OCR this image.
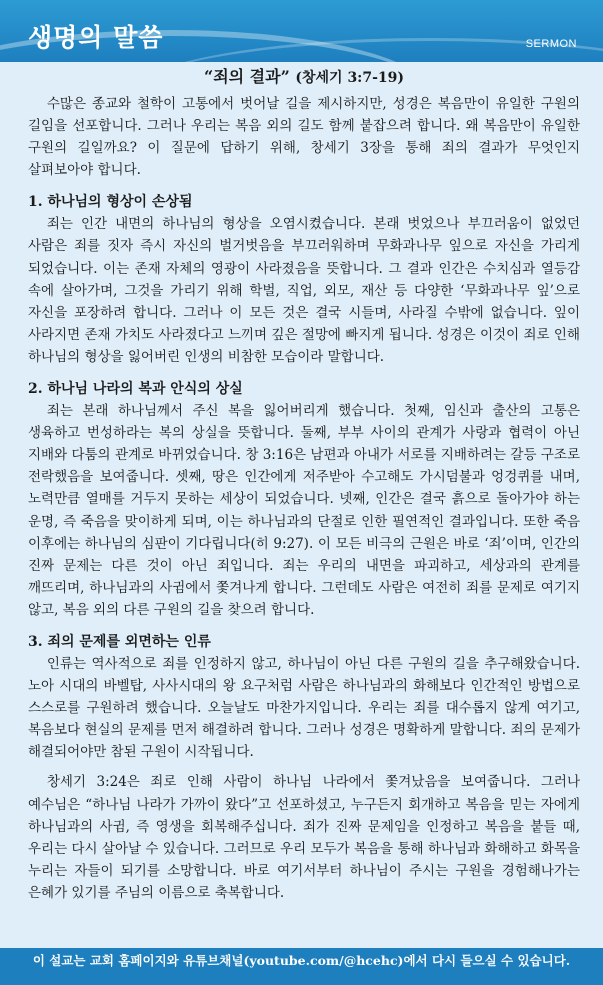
생명의 말씀	SERMON
“죄의 결과” (창세기 3:7-19)

수많은 종교와 철학이 고통에서 벗어날 길을 제시하지만, 성경은 복음만이 유일한 구원의 길임을 선포합니다. 그러나 우리는 복음 외의 길도 함께 붙잡으려 합니다. 왜 복음만이 유일한 구원의 길일까요? 이 질문에 답하기 위해, 창세기 3장을 통해 죄의 결과가 무엇인지 살펴보아야 합니다.

1. 하나님의 형상이 손상됨

죄는 인간 내면의 하나님의 형상을 오염시켰습니다. 본래 벗었으나 부끄러움이 없었던 사람은 죄를 짓자 즉시 자신의 벌거벗음을 부끄러워하며 무화과나무 잎으로 자신을 가리게 되었습니다. 이는 존재 자체의 영광이 사라졌음을 뜻합니다. 그 결과 인간은 수치심과 열등감 속에 살아가며, 그것을 가리기 위해 학벌, 직업, 외모, 재산 등 다양한 ‘무화과나무 잎’으로 자신을 포장하려 합니다. 그러나 이 모든 것은 결국 시들며, 사라질 수밖에 없습니다. 잎이 사라지면 존재 가치도 사라졌다고 느끼며 깊은 절망에 빠지게 됩니다. 성경은 이것이 죄로 인해 하나님의 형상을 잃어버린 인생의 비참한 모습이라 말합니다.

2. 하나님 나라의 복과 안식의 상실

죄는 본래 하나님께서 주신 복을 잃어버리게 했습니다. 첫째, 임신과 출산의 고통은 생육하고 번성하라는 복의 상실을 뜻합니다. 둘째, 부부 사이의 관계가 사랑과 협력이 아닌 지배와 다툼의 관계로 바뀌었습니다. 창 3:16은 남편과 아내가 서로를 지배하려는 갈등 구조로 전락했음을 보여줍니다. 셋째, 땅은 인간에게 저주받아 수고해도 가시덤불과 엉겅퀴를 내며, 노력만큼 열매를 거두지 못하는 세상이 되었습니다. 넷째, 인간은 결국 흙으로 돌아가야 하는 운명, 즉 죽음을 맞이하게 되며, 이는 하나님과의 단절로 인한 필연적인 결과입니다. 또한 죽음 이후에는 하나님의 심판이 기다립니다(히 9:27). 이 모든 비극의 근원은 바로 ‘죄’이며, 인간의 진짜 문제는 다른 것이 아닌 죄입니다. 죄는 우리의 내면을 파괴하고, 세상과의 관계를 깨뜨리며, 하나님과의 사귐에서 쫓겨나게 합니다. 그런데도 사람은 여전히 죄를 문제로 여기지 않고, 복음 외의 다른 구원의 길을 찾으려 합니다.

3. 죄의 문제를 외면하는 인류

인류는 역사적으로 죄를 인정하지 않고, 하나님이 아닌 다른 구원의 길을 추구해왔습니다. 노아 시대의 바벨탑, 사사시대의 왕 요구처럼 사람은 하나님과의 화해보다 인간적인 방법으로 스스로를 구원하려 했습니다. 오늘날도 마찬가지입니다. 우리는 죄를 대수롭지 않게 여기고, 복음보다 현실의 문제를 먼저 해결하려 합니다. 그러나 성경은 명확하게 말합니다. 죄의 문제가 해결되어야만 참된 구원이 시작됩니다.

창세기 3:24은 죄로 인해 사람이 하나님 나라에서 쫓겨났음을 보여줍니다. 그러나 예수님은 “하나님 나라가 가까이 왔다”고 선포하셨고, 누구든지 회개하고 복음을 믿는 자에게 하나님과의 사귐, 즉 영생을 회복해주십니다. 죄가 진짜 문제임을 인정하고 복음을 붙들 때, 우리는 다시 살아날 수 있습니다. 그러므로 우리 모두가 복음을 통해 하나님과 화해하고 화목을 누리는 자들이 되기를 소망합니다. 바로 여기서부터 하나님이 주시는 구원을 경험해나가는 은혜가 있기를 주님의 이름으로 축복합니다.

이 설교는 교회 홈페이지와 유튜브채널(youtube.com/@hcehc)에서 다시 들으실 수 있습니다.
